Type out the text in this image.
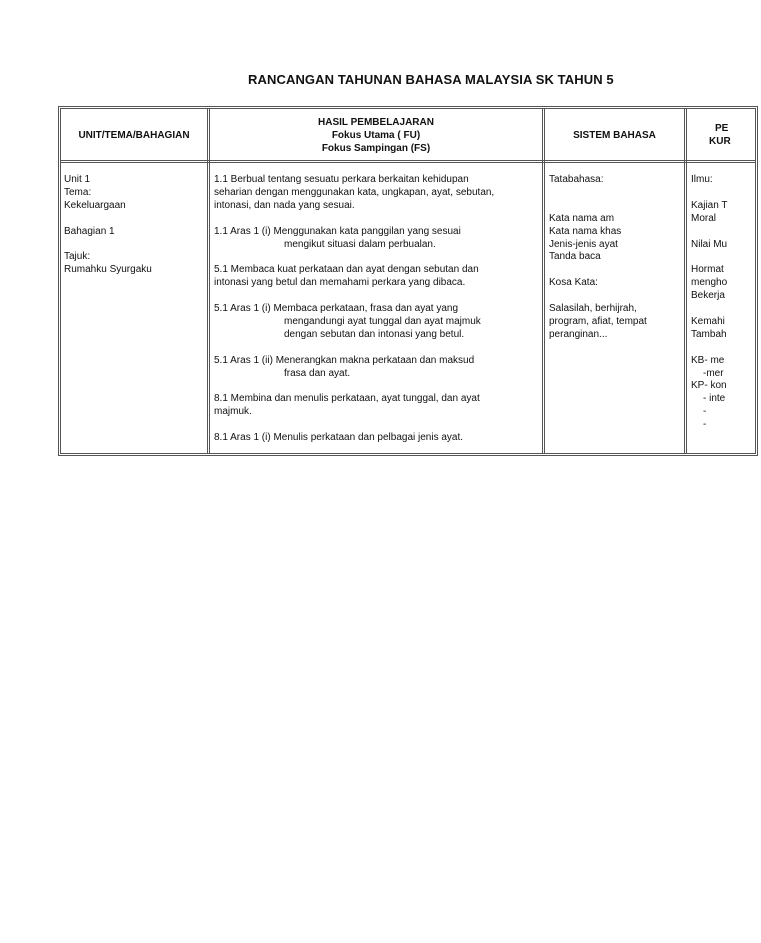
RANCANGAN TAHUNAN BAHASA MALAYSIA SK TAHUN 5
UNIT/TEMA/BAHAGIAN
HASIL PEMBELAJARAN
Fokus Utama ( FU)
Fokus Sampingan (FS)
SISTEM BAHASA
PE
KUR
Unit 1
Tema:
Kekeluargaan
Bahagian 1
Tajuk:
Rumahku Syurgaku
1.1 Berbual tentang sesuatu perkara berkaitan kehidupan
seharian dengan menggunakan kata, ungkapan, ayat, sebutan,
intonasi, dan nada yang sesuai.
1.1 Aras 1 (i) Menggunakan kata panggilan yang sesuai
mengikut situasi dalam perbualan.
5.1 Membaca kuat perkataan dan ayat dengan sebutan dan
intonasi yang betul dan memahami perkara yang dibaca.
5.1 Aras 1 (i) Membaca perkataan, frasa dan ayat yang
mengandungi ayat tunggal dan ayat majmuk
dengan sebutan dan intonasi yang betul.
5.1 Aras 1 (ii) Menerangkan makna perkataan dan maksud
frasa dan ayat.
8.1 Membina dan menulis perkataan, ayat tunggal, dan ayat
majmuk.
8.1 Aras 1 (i) Menulis perkataan dan pelbagai jenis ayat.
Tatabahasa:
Kata nama am
Kata nama khas
Jenis-jenis ayat
Tanda baca
Kosa Kata:
Salasilah, berhijrah,
program, afiat, tempat
peranginan...
Ilmu:
Kajian T
Moral
Nilai Mu
Hormat
mengho
Bekerja
Kemahi
Tambah
KB- me
-mer
KP- kon
- inte
-
-
